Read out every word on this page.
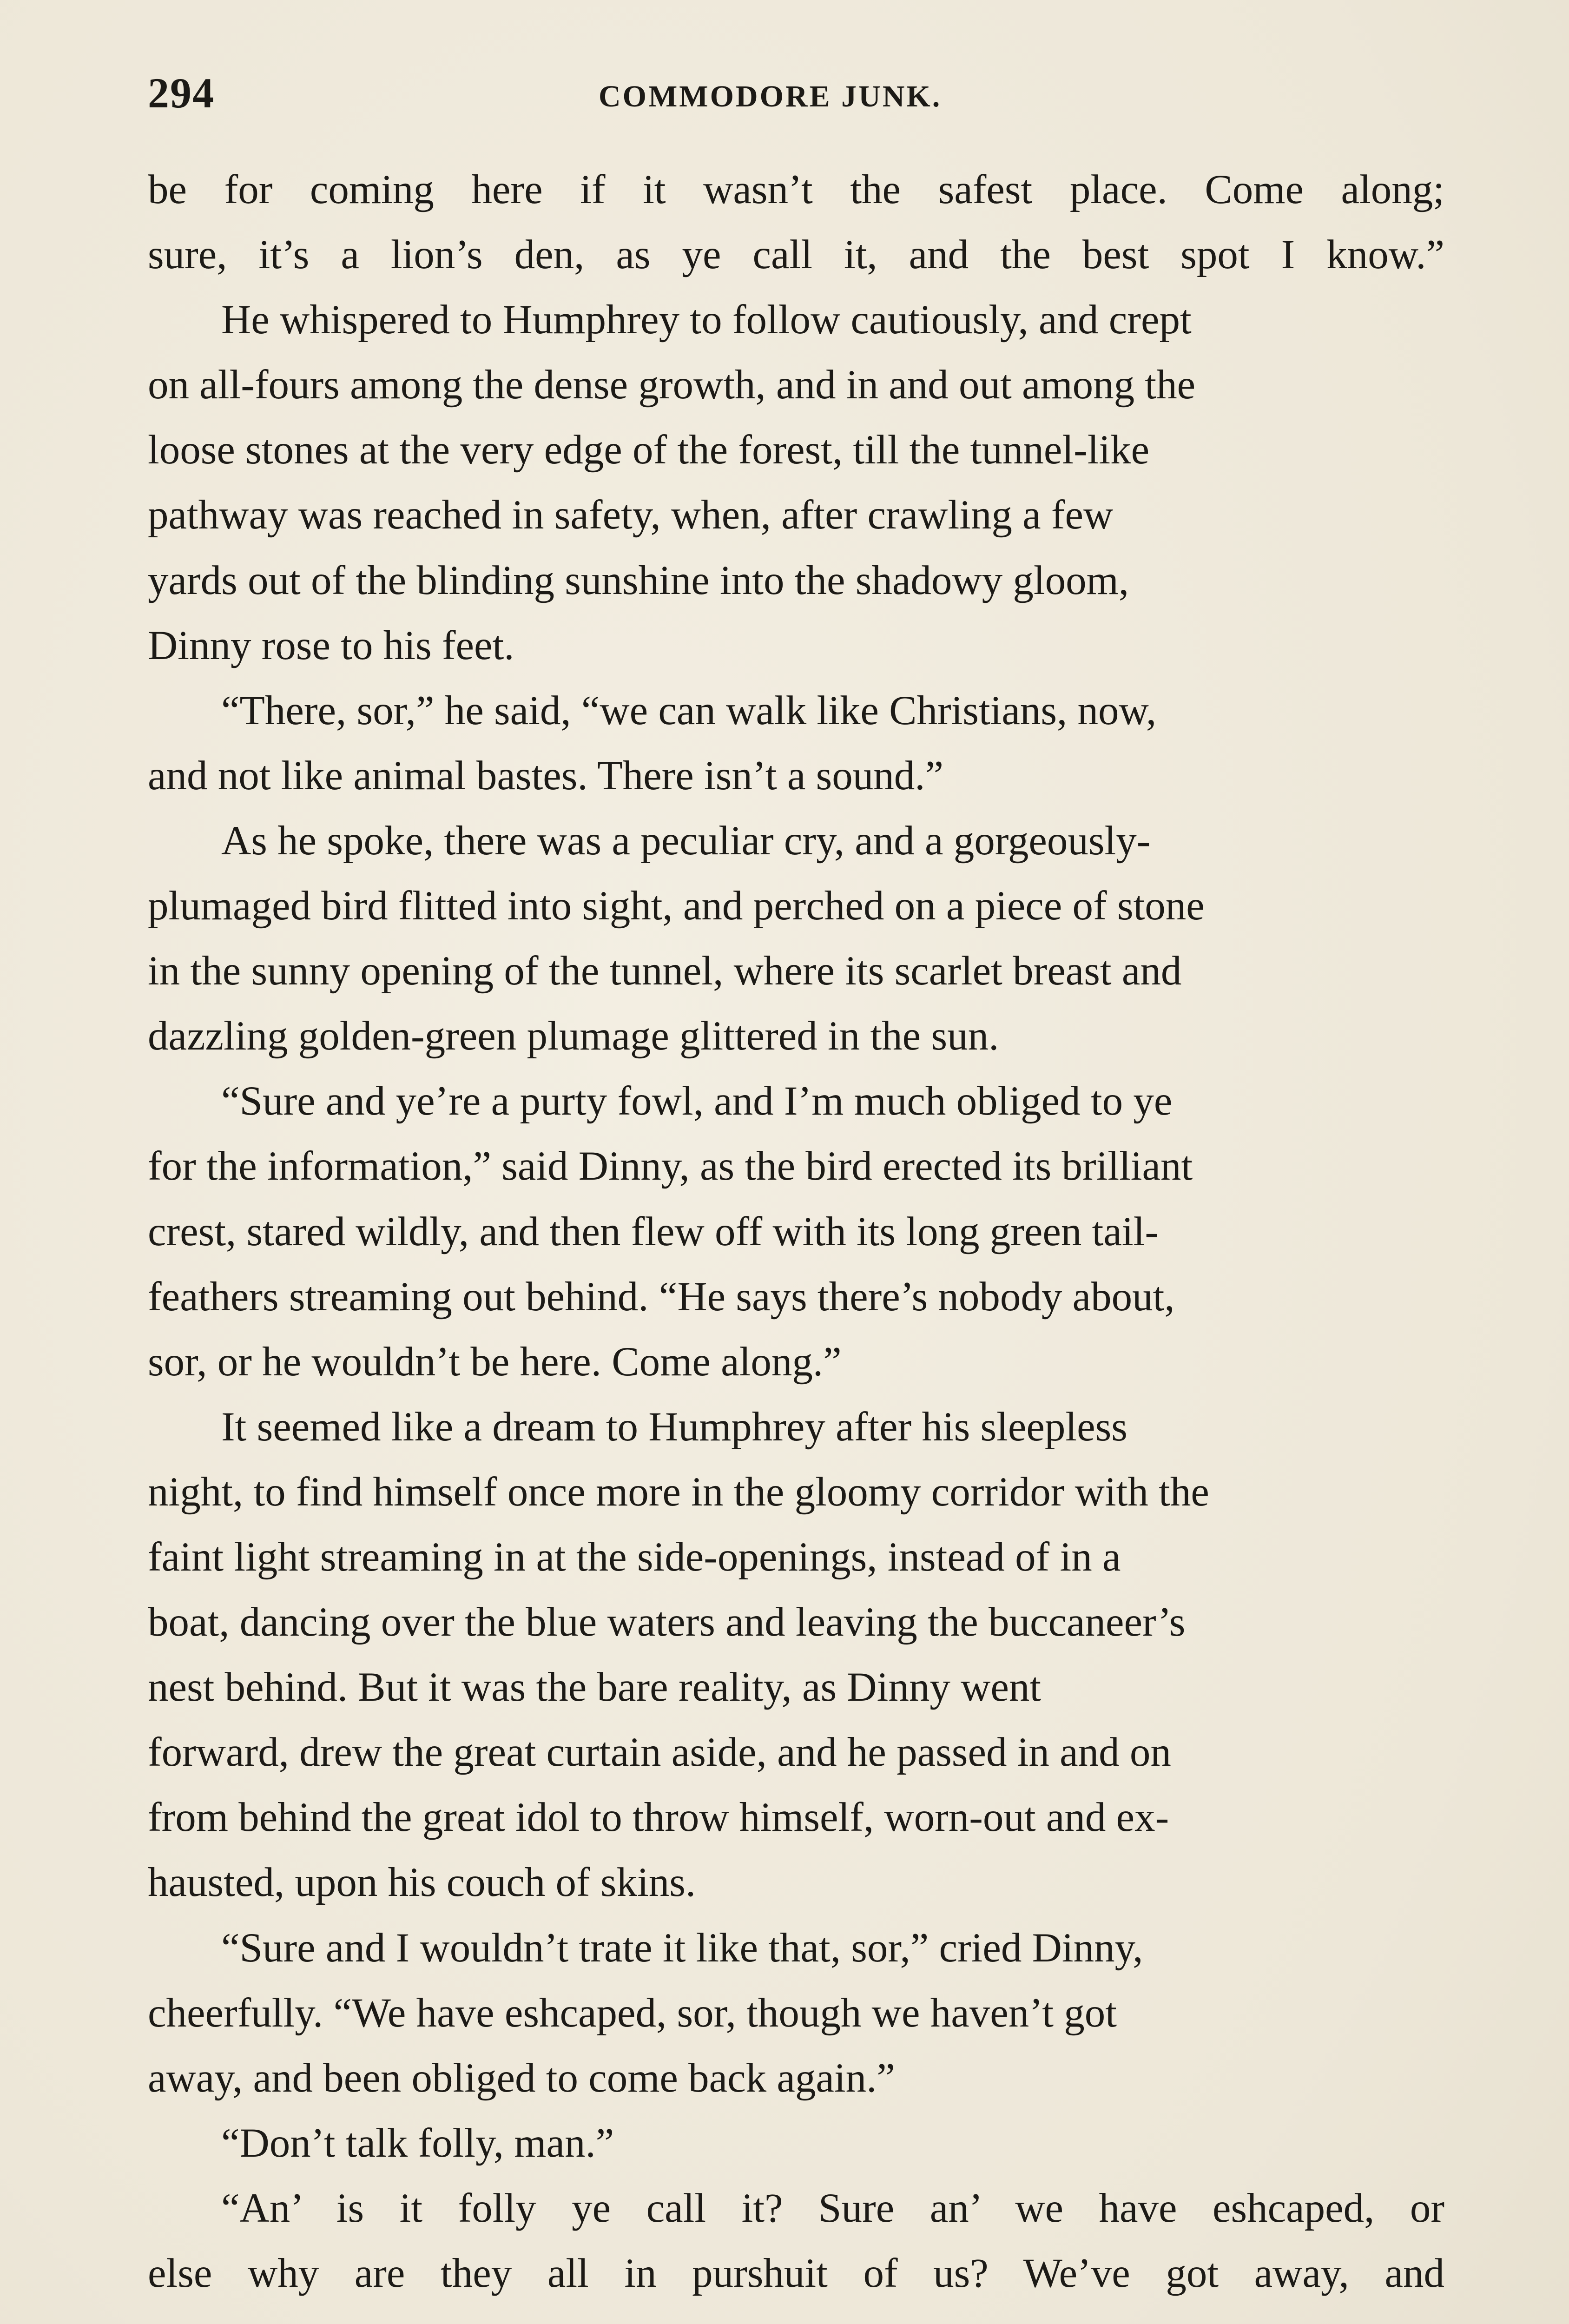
294	COMMODORE JUNK.

be for coming here if it wasn’t the safest place. Come along;
sure, it’s a lion’s den, as ye call it, and the best spot I know.”

He whispered to Humphrey to follow cautiously, and crept
on all-fours among the dense growth, and in and out among the
loose stones at the very edge of the forest, till the tunnel-like
pathway was reached in safety, when, after crawling a few
yards out of the blinding sunshine into the shadowy gloom,
Dinny rose to his feet.

“There, sor,” he said, “we can walk like Christians, now,
and not like animal bastes. There isn’t a sound.”

As he spoke, there was a peculiar cry, and a gorgeously-
plumaged bird flitted into sight, and perched on a piece of stone
in the sunny opening of the tunnel, where its scarlet breast and
dazzling golden-green plumage glittered in the sun.

“Sure and ye’re a purty fowl, and I’m much obliged to ye
for the information,” said Dinny, as the bird erected its brilliant
crest, stared wildly, and then flew off with its long green tail-
feathers streaming out behind. “He says there’s nobody about,
sor, or he wouldn’t be here. Come along.”

It seemed like a dream to Humphrey after his sleepless
night, to find himself once more in the gloomy corridor with the
faint light streaming in at the side-openings, instead of in a
boat, dancing over the blue waters and leaving the buccaneer’s
nest behind. But it was the bare reality, as Dinny went
forward, drew the great curtain aside, and he passed in and on
from behind the great idol to throw himself, worn-out and ex-
hausted, upon his couch of skins.

“Sure and I wouldn’t trate it like that, sor,” cried Dinny,
cheerfully. “We have eshcaped, sor, though we haven’t got
away, and been obliged to come back again.”

“Don’t talk folly, man.”

“An’ is it folly ye call it? Sure an’ we have eshcaped, or
else why are they all in purshuit of us? We’ve got away, and
